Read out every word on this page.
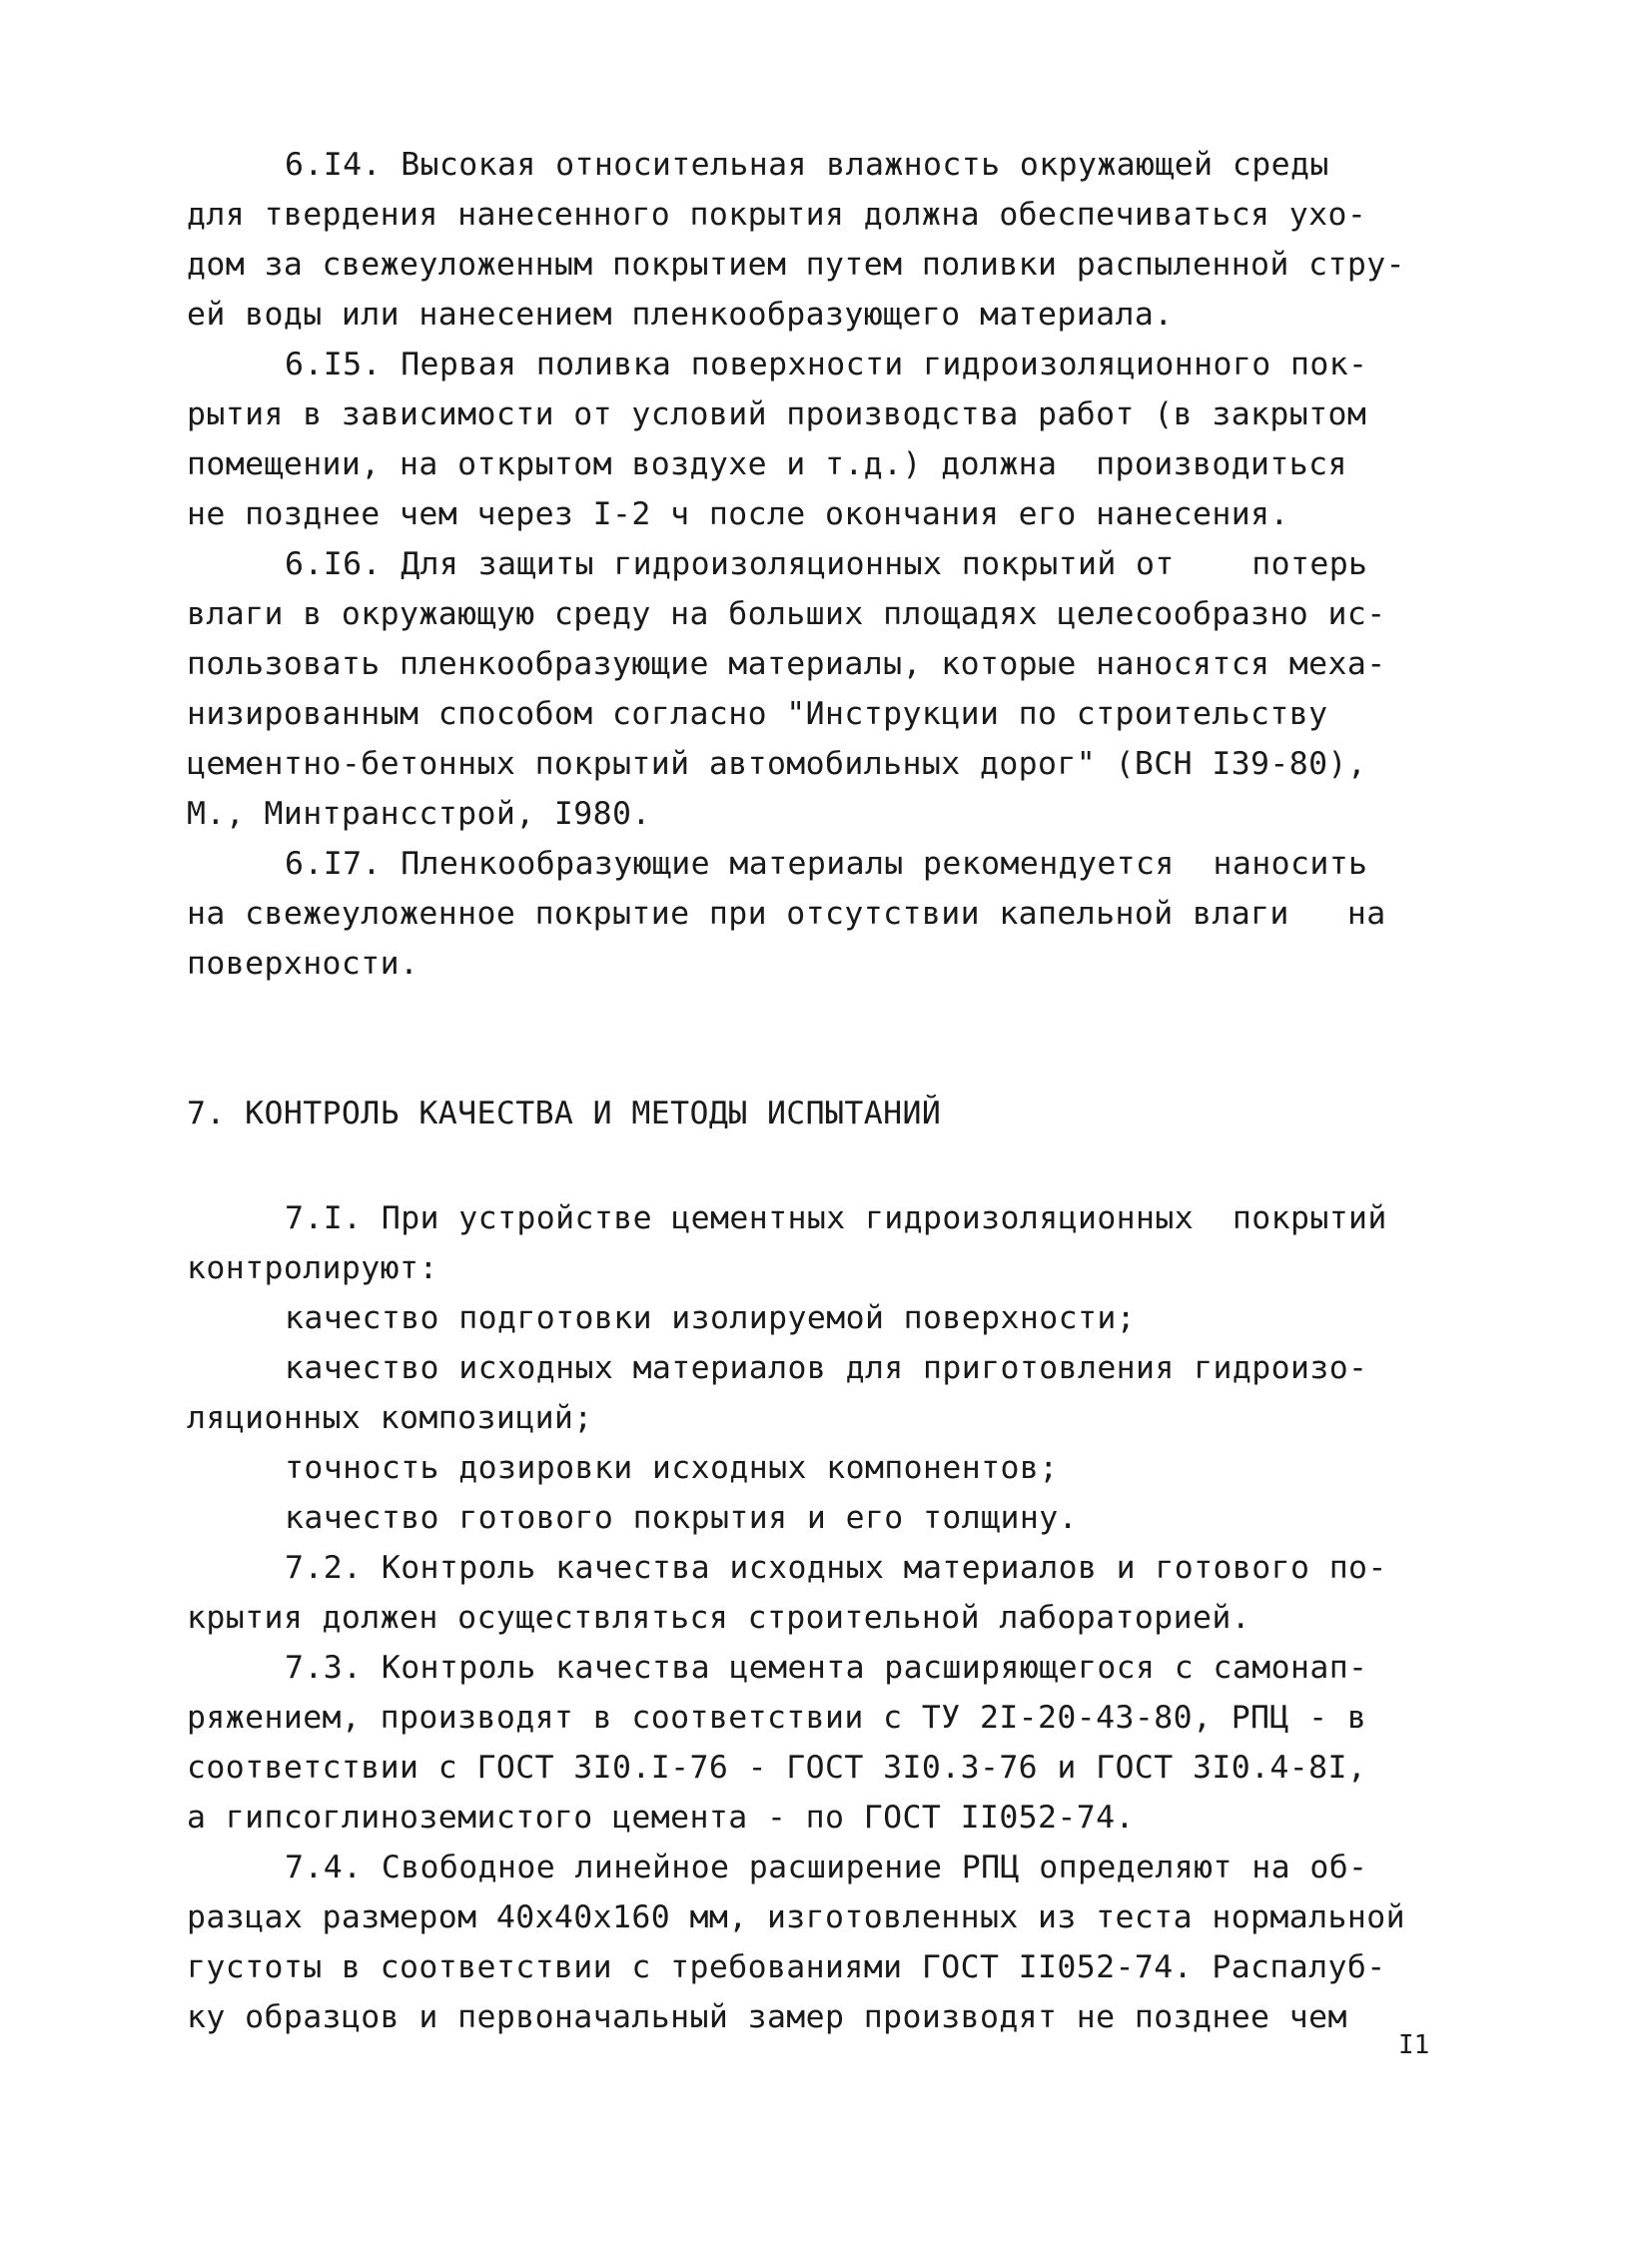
6.I4. Высокая относительная влажность окружающей среды
для твердения нанесенного покрытия должна обеспечиваться ухо-
дом за свежеуложенным покрытием путем поливки распыленной стру-
ей воды или нанесением пленкообразующего материала.
6.I5. Первая поливка поверхности гидроизоляционного пок-
рытия в зависимости от условий производства работ (в закрытом
помещении, на открытом воздухе и т.д.) должна  производиться
не позднее чем через I-2 ч после окончания его нанесения.
6.I6. Для защиты гидроизоляционных покрытий от    потерь
влаги в окружающую среду на больших площадях целесообразно ис-
пользовать пленкообразующие материалы, которые наносятся меха-
низированным способом согласно "Инструкции по строительству
цементно-бетонных покрытий автомобильных дорог" (ВСН I39-80),
М., Минтрансстрой, I980.
6.I7. Пленкообразующие материалы рекомендуется  наносить
на свежеуложенное покрытие при отсутствии капельной влаги   на
поверхности.
7. КОНТРОЛЬ КАЧЕСТВА И МЕТОДЫ ИСПЫТАНИЙ
7.I. При устройстве цементных гидроизоляционных  покрытий
контролируют:
качество подготовки изолируемой поверхности;
качество исходных материалов для приготовления гидроизо-
ляционных композиций;
точность дозировки исходных компонентов;
качество готового покрытия и его толщину.
7.2. Контроль качества исходных материалов и готового по-
крытия должен осуществляться строительной лабораторией.
7.3. Контроль качества цемента расширяющегося с самонап-
ряжением, производят в соответствии с ТУ 2I-20-43-80, РПЦ - в
соответствии с ГОСТ 3I0.I-76 - ГОСТ 3I0.3-76 и ГОСТ 3I0.4-8I,
а гипсоглиноземистого цемента - по ГОСТ II052-74.
7.4. Свободное линейное расширение РПЦ определяют на об-
разцах размером 40х40х160 мм, изготовленных из теста нормальной
густоты в соответствии с требованиями ГОСТ II052-74. Распалуб-
ку образцов и первоначальный замер производят не позднее чем
I1
